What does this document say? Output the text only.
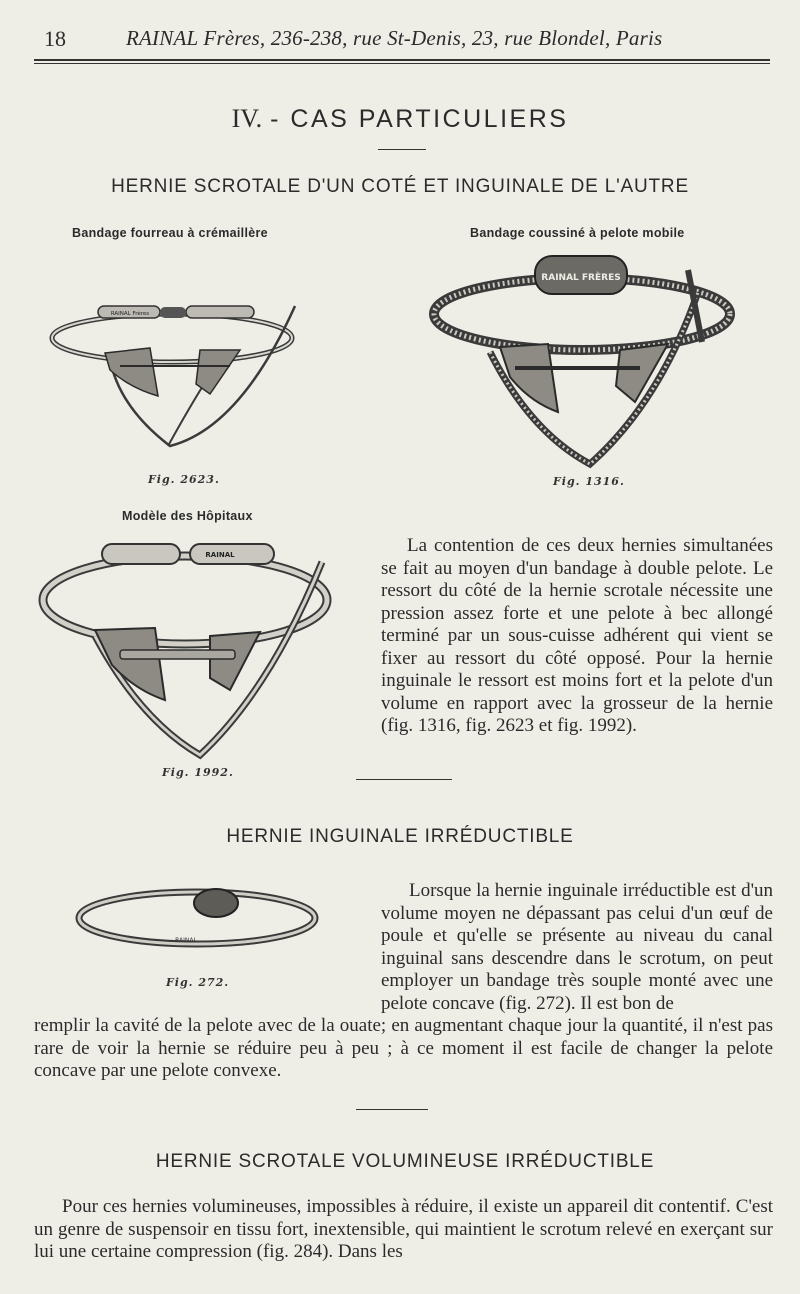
18	RAINAL Frères, 236-238, rue St-Denis, 23, rue Blondel, Paris
IV. - CAS PARTICULIERS
HERNIE SCROTALE D'UN COTÉ ET INGUINALE DE L'AUTRE
Bandage fourreau à crémaillère	Bandage coussiné à pelote mobile
RAINAL Frères
Fig. 2623.
RAINAL FRÈRES
Fig. 1316.
Modèle des Hôpitaux
RAINAL
Fig. 1992.
La contention de ces deux hernies simultanées se fait au moyen d'un bandage à double pelote. Le ressort du côté de la hernie scrotale nécessite une pression assez forte et une pelote à bec allongé terminé par un sous-cuisse adhérent qui vient se fixer au ressort du côté opposé. Pour la hernie inguinale le ressort est moins fort et la pelote d'un volume en rapport avec la grosseur de la hernie (fig. 1316, fig. 2623 et fig. 1992).
HERNIE INGUINALE IRRÉDUCTIBLE
RAINAL
Fig. 272.
Lorsque la hernie inguinale irréductible est d'un volume moyen ne dépassant pas celui d'un œuf de poule et qu'elle se présente au niveau du canal inguinal sans descendre dans le scrotum, on peut employer un bandage très souple monté avec une pelote concave (fig. 272). Il est bon de
remplir la cavité de la pelote avec de la ouate; en augmentant chaque jour la quantité, il n'est pas rare de voir la hernie se réduire peu à peu ; à ce moment il est facile de changer la pelote concave par une pelote convexe.
HERNIE SCROTALE VOLUMINEUSE IRRÉDUCTIBLE
Pour ces hernies volumineuses, impossibles à réduire, il existe un appareil dit contentif. C'est un genre de suspensoir en tissu fort, inextensible, qui maintient le scrotum relevé en exerçant sur lui une certaine compression (fig. 284). Dans les
